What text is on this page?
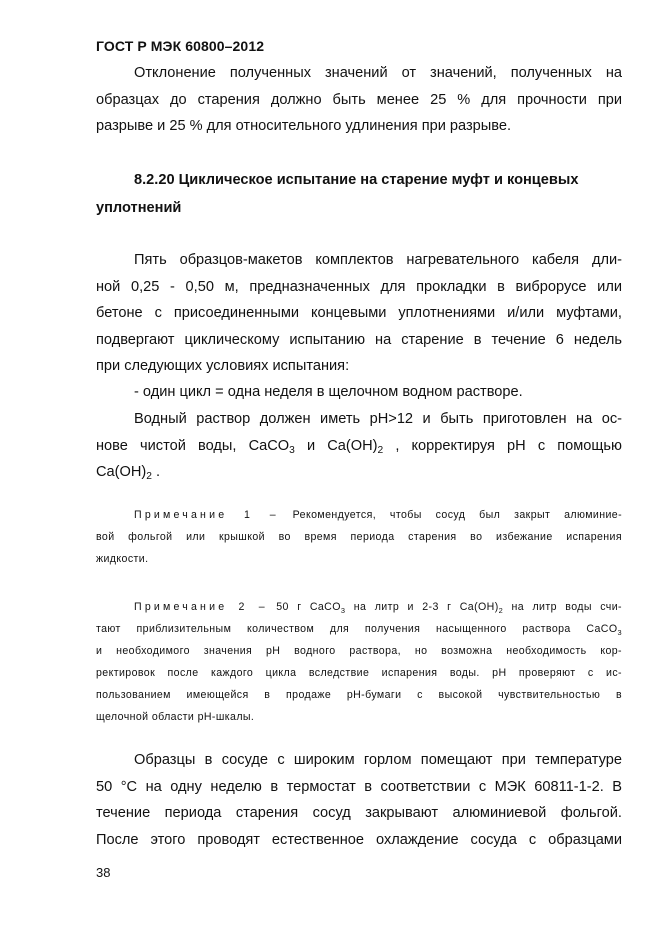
ГОСТ Р МЭК 60800–2012
Отклонение полученных значений от значений, полученных на
образцах до старения должно быть менее 25 % для прочности при
разрыве и 25 % для относительного удлинения при разрыве.
8.2.20 Циклическое испытание на старение муфт и концевых
уплотнений
Пять образцов-макетов комплектов нагревательного кабеля дли-
ной 0,25 - 0,50 м, предназначенных для прокладки в виброрусе или
бетоне с присоединенными концевыми уплотнениями и/или муфтами,
подвергают циклическому испытанию на старение в течение 6 недель
при следующих условиях испытания:
- один цикл = одна неделя в щелочном водном растворе.
Водный раствор должен иметь pH>12 и быть приготовлен на ос-
нове чистой воды, CaCO$_3$ и $Ca(OH)_2$ , корректируя pH с помощью
$Ca(OH)_2$ .
Примечание 1 – Рекомендуется, чтобы сосуд был закрыт алюминие-
вой фольгой или крышкой во время периода старения во избежание испарения
жидкости.
Примечание 2 – 50 г CaCO$_3$ на литр и 2-3 г $Ca(OH)_2$ на литр воды счи-
тают приблизительным количеством для получения насыщенного раствора CaCO$_3$
и необходимого значения pH водного раствора, но возможна необходимость кор-
ректировок после каждого цикла вследствие испарения воды. pH проверяют с ис-
пользованием имеющейся в продаже pH-бумаги с высокой чувствительностью в
щелочной области pH-шкалы.
Образцы в сосуде с широким горлом помещают при температуре
50 °С на одну неделю в термостат в соответствии с МЭК 60811-1-2. В
течение периода старения сосуд закрывают алюминиевой фольгой.
После этого проводят естественное охлаждение сосуда с образцами
38
